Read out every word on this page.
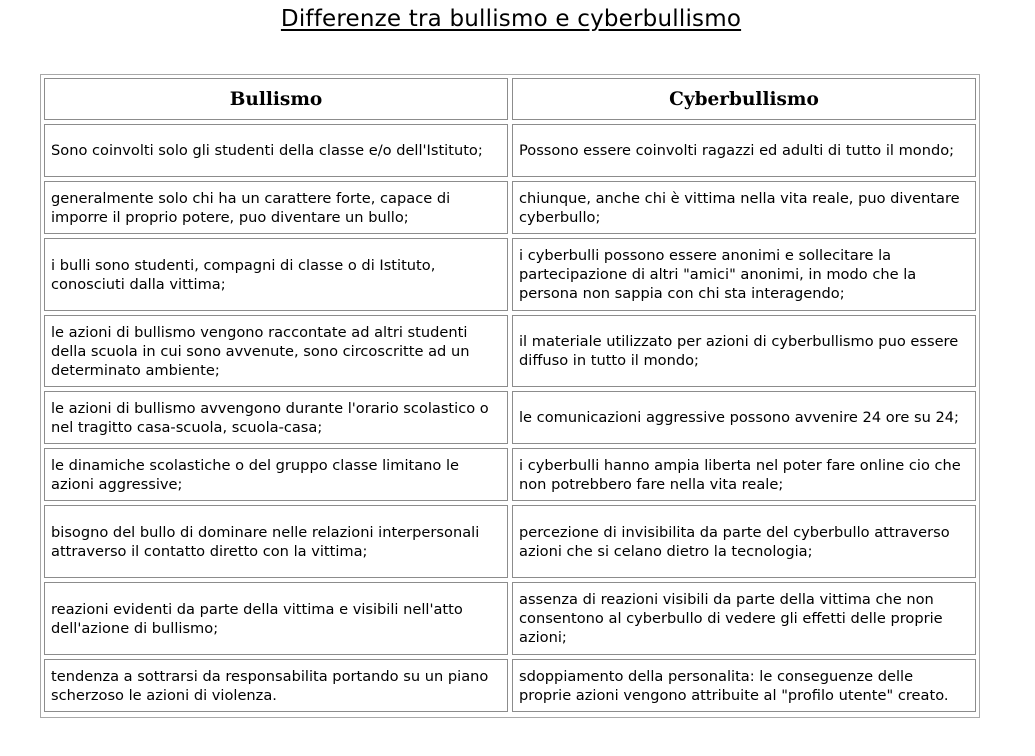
Differenze tra bullismo e cyberbullismo
Bullismo	Cyberbullismo
Sono coinvolti solo gli studenti della classe e/o dell'Istituto;	Possono essere coinvolti ragazzi ed adulti di tutto il mondo;
generalmente solo chi ha un carattere forte, capace di imporre il proprio potere, puo diventare un bullo;	chiunque, anche chi è vittima nella vita reale, puo diventare cyberbullo;
i bulli sono studenti, compagni di classe o di Istituto, conosciuti dalla vittima;	i cyberbulli possono essere anonimi e sollecitare la partecipazione di altri "amici" anonimi, in modo che la persona non sappia con chi sta interagendo;
le azioni di bullismo vengono raccontate ad altri studenti della scuola in cui sono avvenute, sono circoscritte ad un determinato ambiente;	il materiale utilizzato per azioni di cyberbullismo puo essere diffuso in tutto il mondo;
le azioni di bullismo avvengono durante l'orario scolastico o nel tragitto casa-scuola, scuola-casa;	le comunicazioni aggressive possono avvenire 24 ore su 24;
le dinamiche scolastiche o del gruppo classe limitano le azioni aggressive;	i cyberbulli hanno ampia liberta nel poter fare online cio che non potrebbero fare nella vita reale;
bisogno del bullo di dominare nelle relazioni interpersonali attraverso il contatto diretto con la vittima;	percezione di invisibilita da parte del cyberbullo attraverso azioni che si celano dietro la tecnologia;
reazioni evidenti da parte della vittima e visibili nell'atto dell'azione di bullismo;	assenza di reazioni visibili da parte della vittima che non consentono al cyberbullo di vedere gli effetti delle proprie azioni;
tendenza a sottrarsi da responsabilita portando su un piano scherzoso le azioni di violenza.	sdoppiamento della personalita: le conseguenze delle proprie azioni vengono attribuite al "profilo utente" creato.
